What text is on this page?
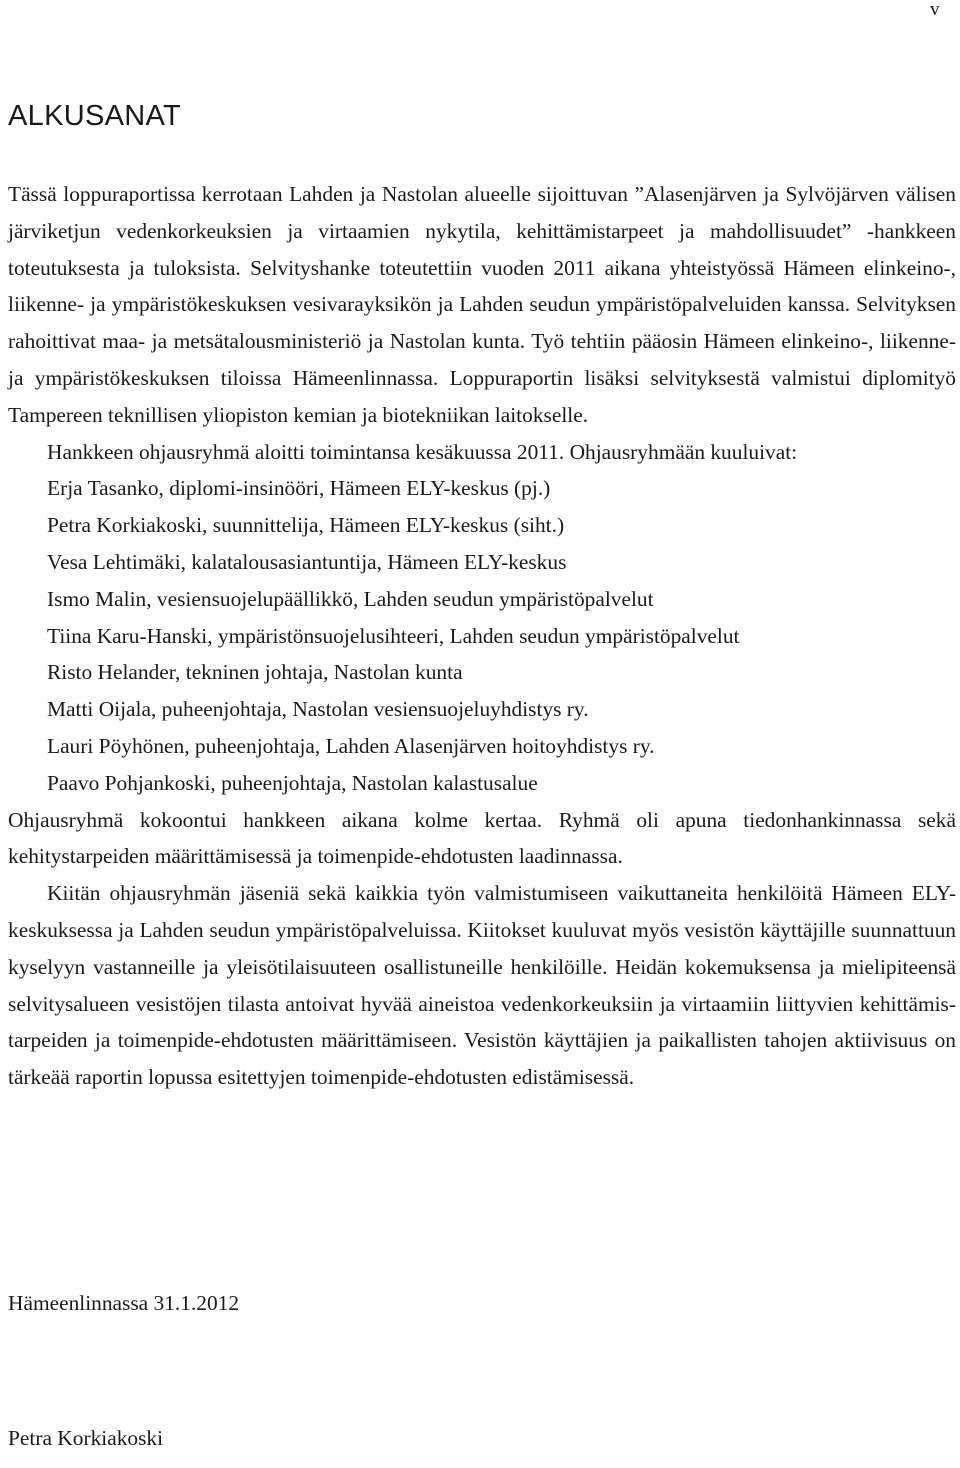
v
ALKUSANAT

Tässä loppuraportissa kerrotaan Lahden ja Nastolan alueelle sijoittuvan ”Alasenjärven ja Sylvöjärven välisen järviketjun vedenkorkeuksien ja virtaamien nykytila, kehittämistarpeet ja mahdollisuudet” -hankkeen toteutuksesta ja tuloksista. Selvityshanke toteutettiin vuoden 2011 aikana yhteistyössä Hämeen elinkeino-, liikenne- ja ympäristökeskuksen vesivarayksikön ja Lahden seudun ympäristöpalveluiden kanssa. Selvityksen rahoittivat maa- ja metsätalousministeriö ja Nastolan kunta. Työ tehtiin pääosin Hämeen elinkeino-, liikenne- ja ympäristökeskuksen tiloissa Hämeenlinnassa. Loppuraportin lisäksi selvityksestä valmistui diplomityö Tampereen teknillisen yliopiston kemian ja biotekniikan laitokselle.

Hankkeen ohjausryhmä aloitti toimintansa kesäkuussa 2011. Ohjausryhmään kuuluivat:

Erja Tasanko, diplomi-insinööri, Hämeen ELY-keskus (pj.)
Petra Korkiakoski, suunnittelija, Hämeen ELY-keskus (siht.)
Vesa Lehtimäki, kalatalousasiantuntija, Hämeen ELY-keskus
Ismo Malin, vesiensuojelupäällikkö, Lahden seudun ympäristöpalvelut
Tiina Karu-Hanski, ympäristönsuojelusihteeri, Lahden seudun ympäristöpalvelut
Risto Helander, tekninen johtaja, Nastolan kunta
Matti Oijala, puheenjohtaja, Nastolan vesiensuojeluyhdistys ry.
Lauri Pöyhönen, puheenjohtaja, Lahden Alasenjärven hoitoyhdistys ry.
Paavo Pohjankoski, puheenjohtaja, Nastolan kalastusalue

Ohjausryhmä kokoontui hankkeen aikana kolme kertaa. Ryhmä oli apuna tiedonhankinnassa sekä kehitystarpeiden määrittämisessä ja toimenpide-ehdotusten laadinnassa.

Kiitän ohjausryhmän jäseniä sekä kaikkia työn valmistumiseen vaikuttaneita henkilöitä Hämeen ELY-keskuksessa ja Lahden seudun ympäristöpalveluissa. Kiitokset kuuluvat myös vesistön käyttäjille suunnattuun kyselyyn vastanneille ja yleisötilaisuuteen osallistuneille henkilöille. Heidän kokemuksensa ja mielipiteensä selvitysalueen vesistöjen tilasta antoivat hyvää aineistoa vedenkorkeuksiin ja virtaamiin liittyvien kehittämistarpeiden ja toimenpide-ehdotusten määrittämiseen. Vesistön käyttäjien ja paikallisten tahojen aktiivisuus on tärkeää raportin lopussa esitettyjen toimenpide-ehdotusten edistämisessä.

Hämeenlinnassa 31.1.2012
Petra Korkiakoski
